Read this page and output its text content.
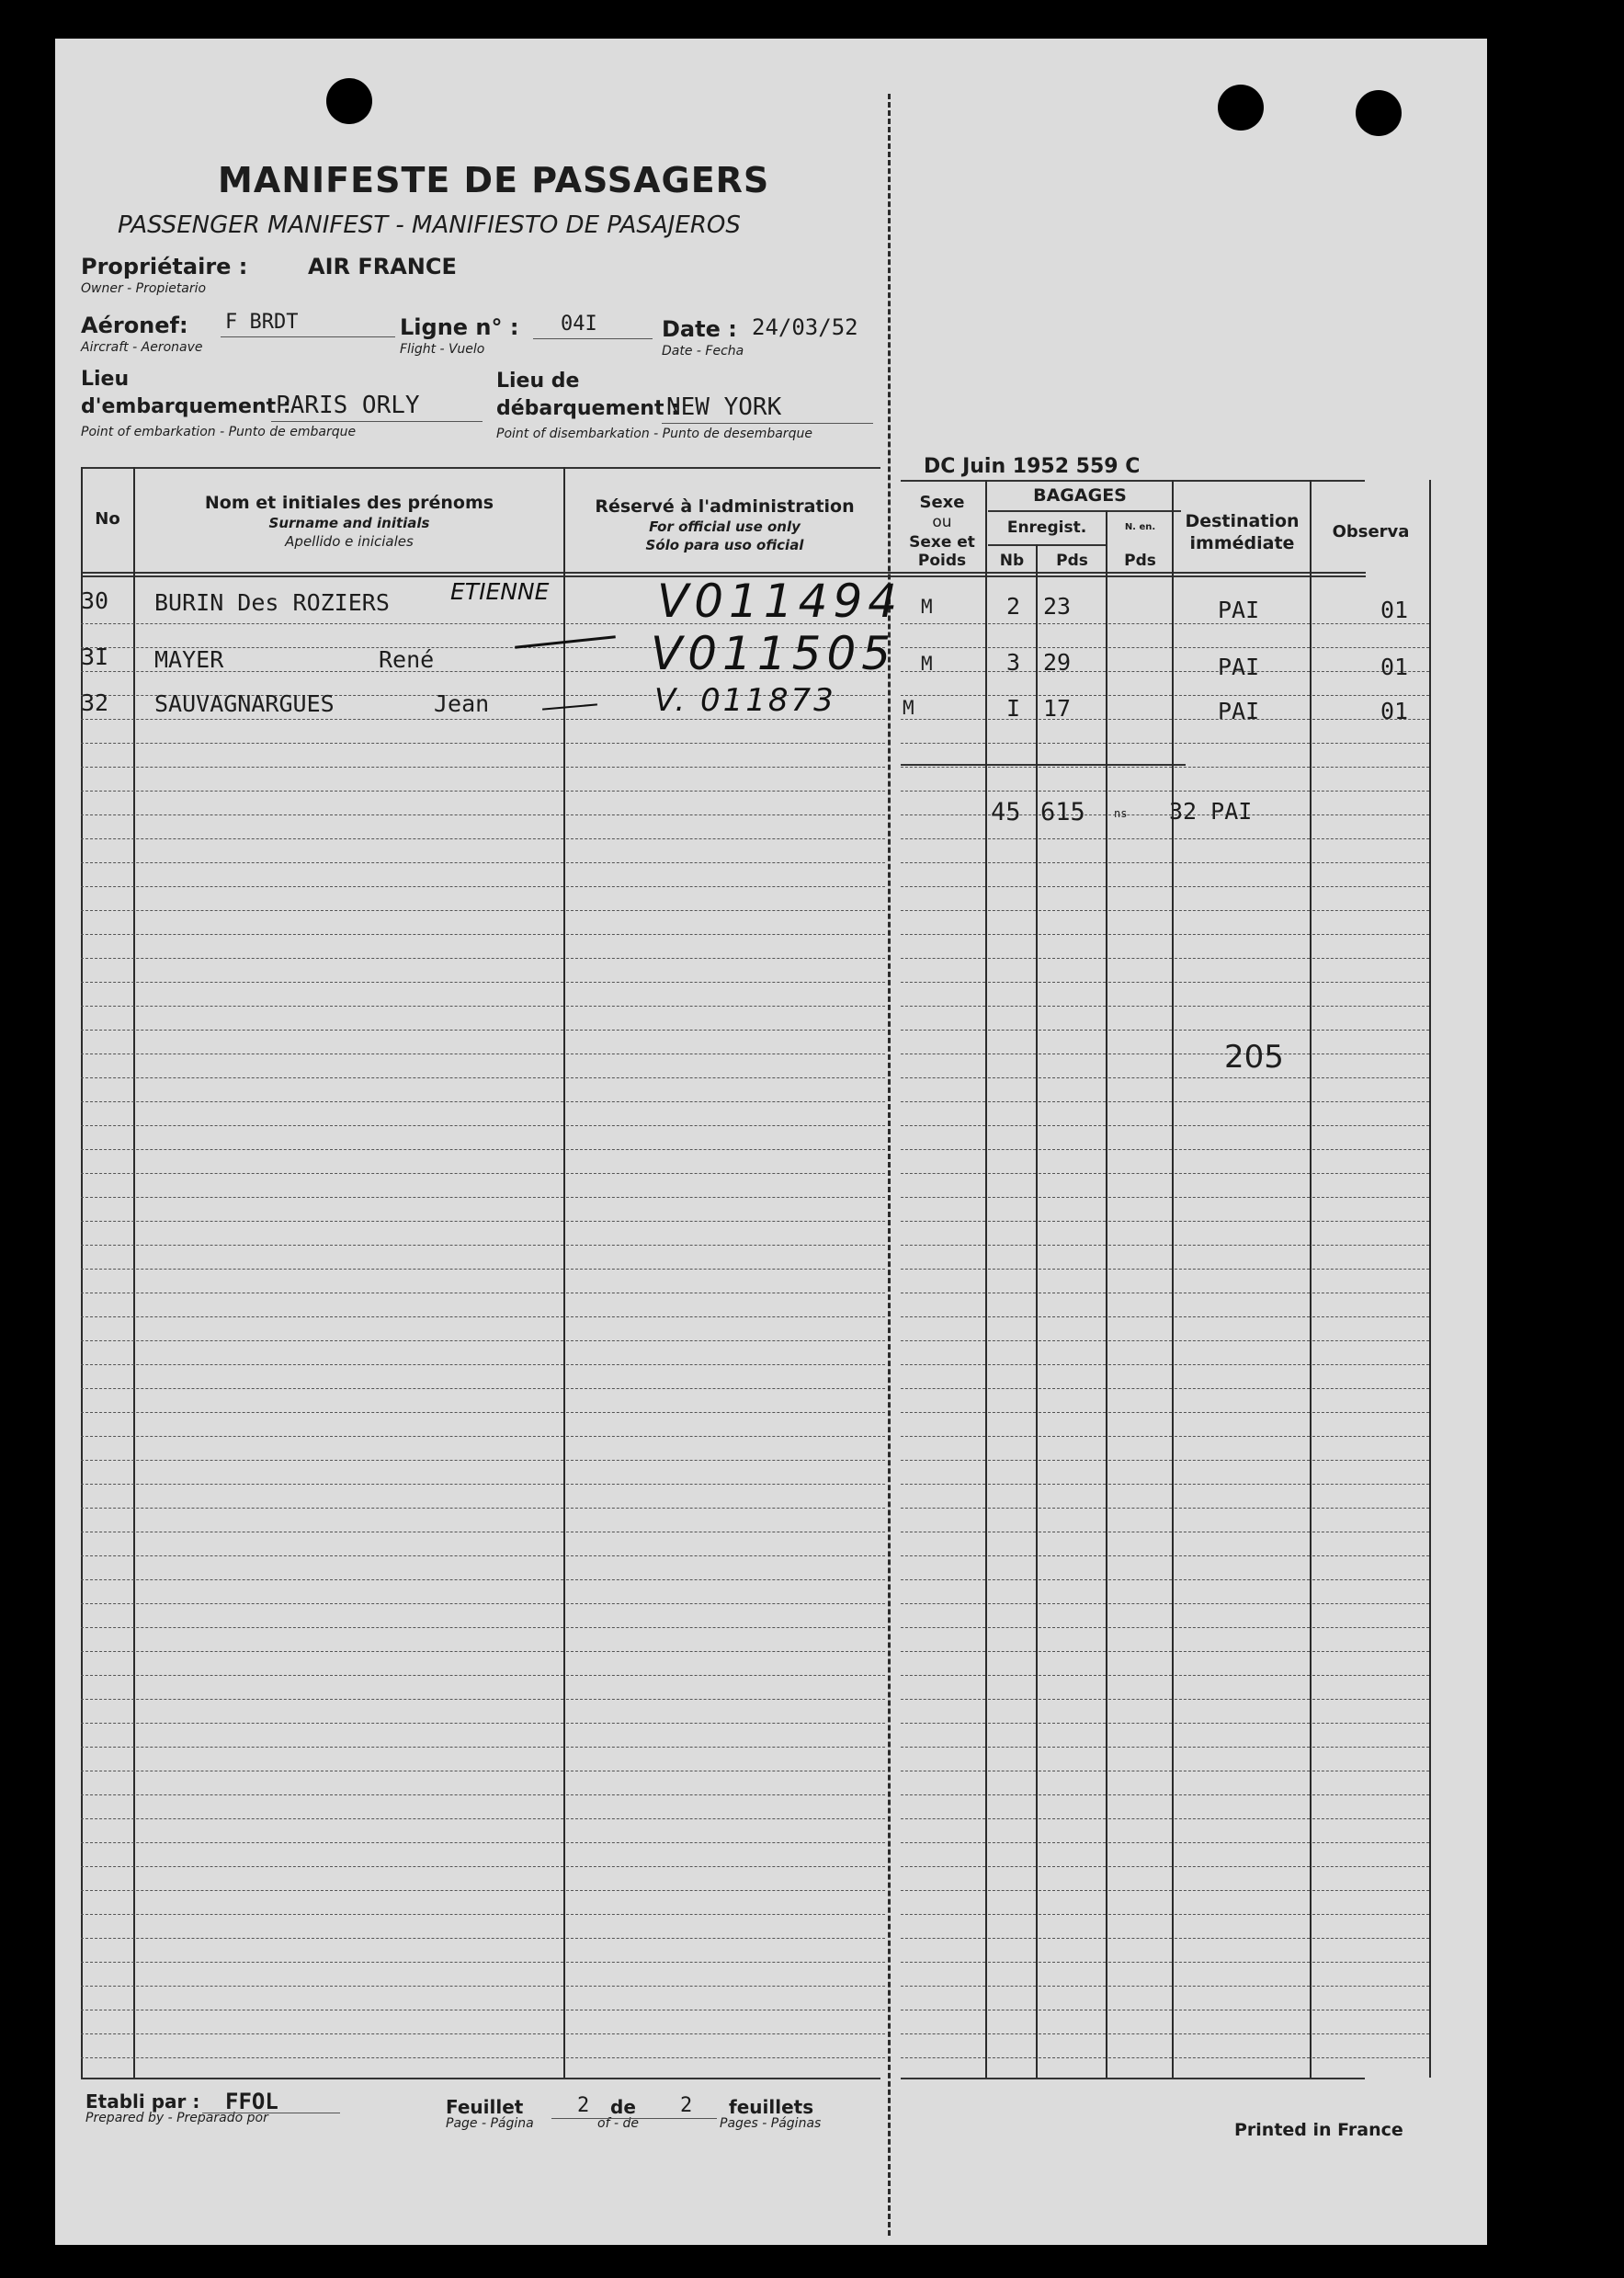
MANIFESTE DE PASSAGERS
PASSENGER MANIFEST - MANIFIESTO DE PASAJEROS
Propriétaire :	AIR FRANCE
Owner - Propietario
Aéronef: F BRDT
Aircraft - Aeronave
Ligne n° : 04I
Flight - Vuelo
Date : 24/03/52
Date - Fecha
Lieu
d'embarquement :
PARIS ORLY
Point of embarkation - Punto de embarque
Lieu de
débarquement :
NEW YORK
Point of disembarkation - Punto de desembarque
DC Juin 1952 559 C
No
Nom et initiales des prénoms
Surname and initials
Apellido e iniciales
Réservé à l'administration
For official use only
Sólo para uso oficial
Sexe
ou
Sexe et
Poids
BAGAGES
Enregist.
Nb	Pds
N. en.
Pds
Destination
immédiate
Observa
30 BURIN Des ROZIERS	ETIENNE V011494 M	2 23	PAI	01
3I MAYER	René	V011505 M	3 29	PAI	01
32 SAUVAGNARGUES	Jean	V. 011873	M	I 17	PAI	01
45 615	ns 32 PAI
205
Etabli par :
Prepared by - Preparado por
FFOL	Feuillet
Page - Página
2 de
of - de
2 feuillets
Pages - Páginas	Printed in France
